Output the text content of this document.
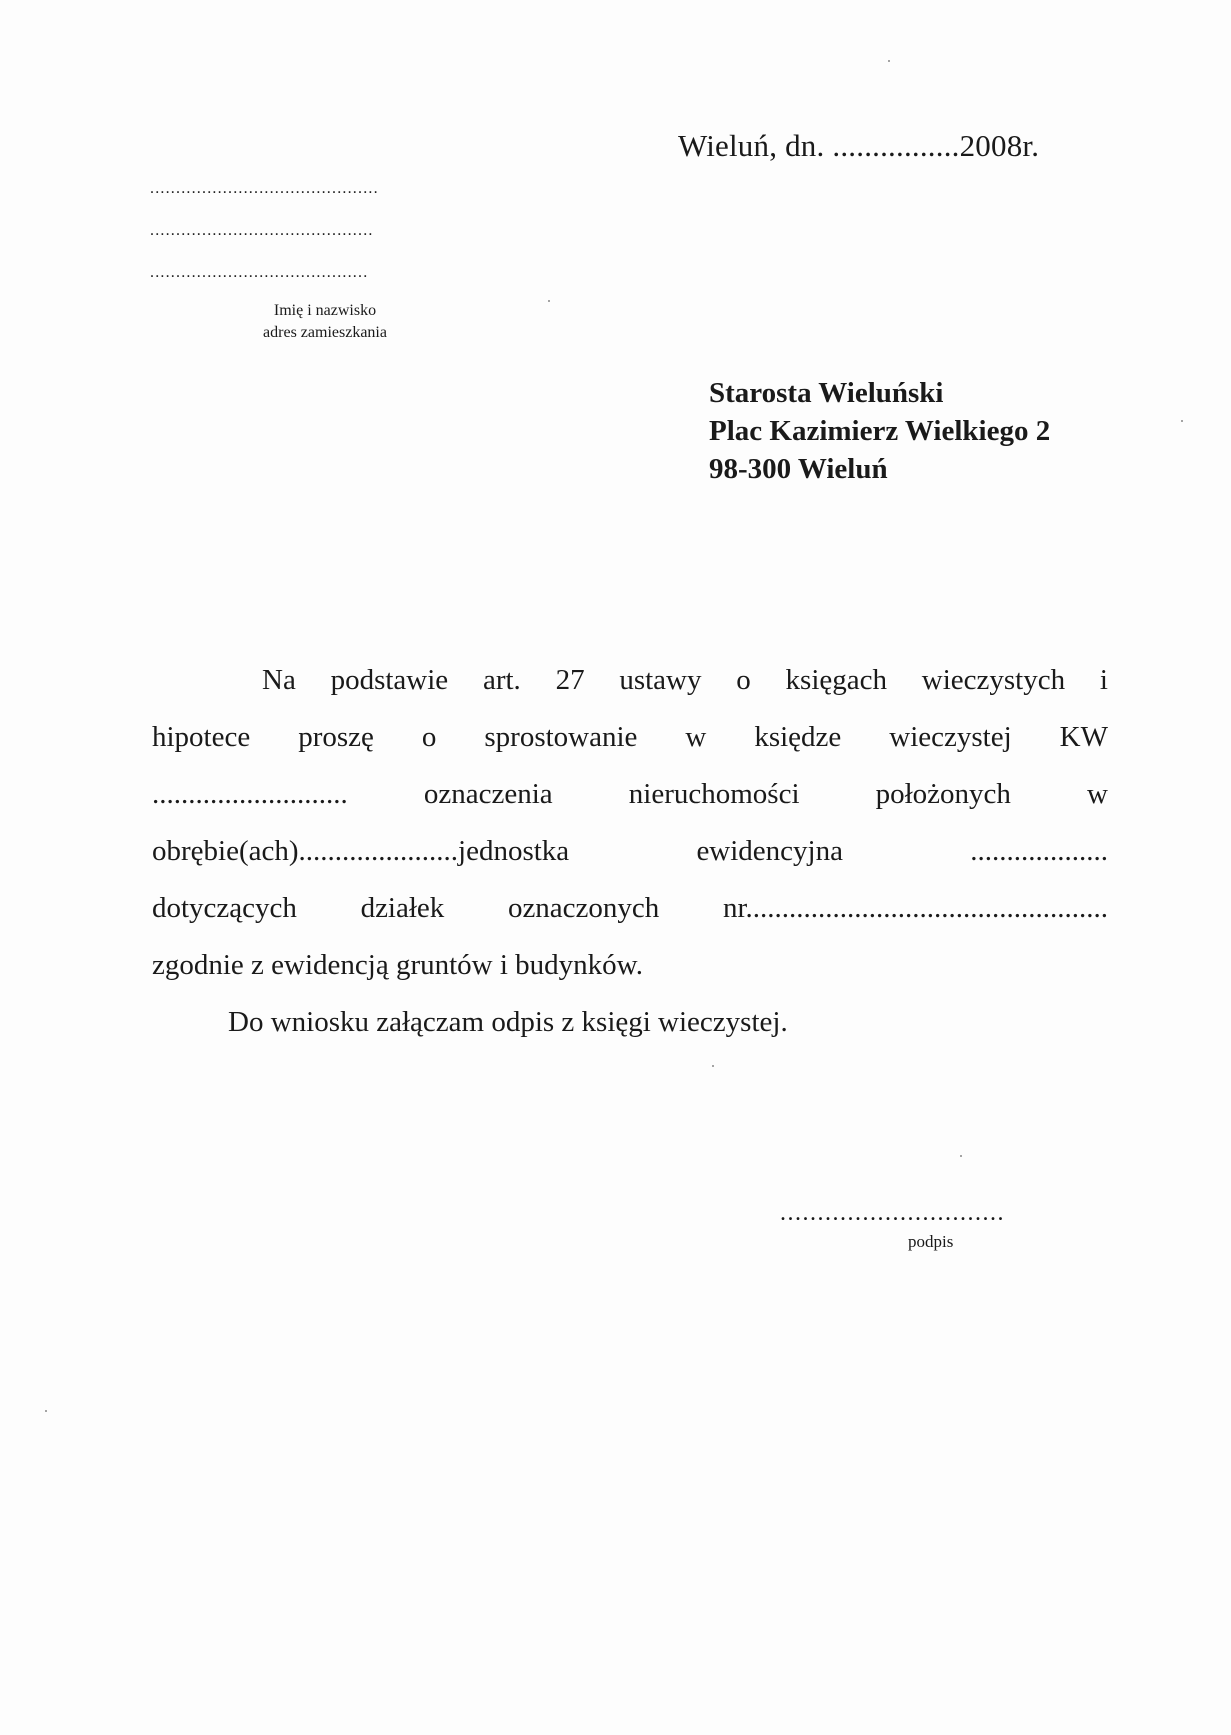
Wieluń, dn. ................2008r.
............................................
...........................................
..........................................
Imię i nazwisko
adres zamieszkania
Starosta Wieluński
Plac Kazimierz Wielkiego 2
98-300 Wieluń
Na podstawie art. 27 ustawy o księgach wieczystych i
hipotece proszę o sprostowanie w księdze wieczystej KW
...........................	oznaczenia	nieruchomości	położonych	w
obrębie(ach)......................jednostka	ewidencyjna	...................
dotyczących działek oznaczonych nr..................................................
zgodnie z ewidencją gruntów i budynków.
Do wniosku załączam odpis z księgi wieczystej.
..............................
podpis
